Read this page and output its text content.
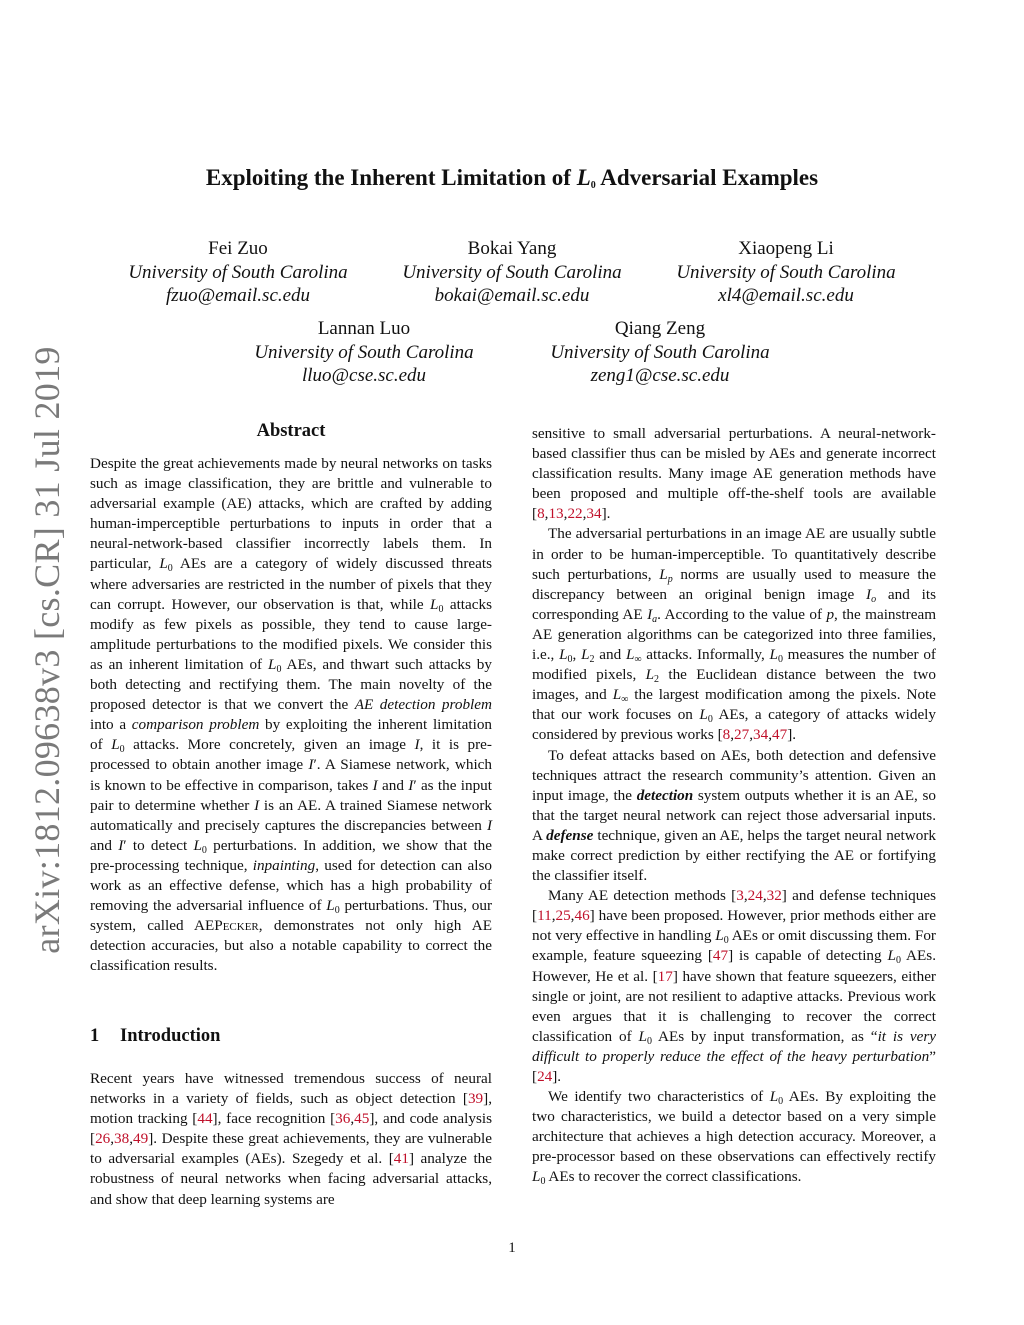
arXiv:1812.09638v3 [cs.CR] 31 Jul 2019
Exploiting the Inherent Limitation of $L_0$ Adversarial Examples
Fei Zuo
University of South Carolina
fzuo@email.sc.edu
Bokai Yang
University of South Carolina
bokai@email.sc.edu
Xiaopeng Li
University of South Carolina
xl4@email.sc.edu
Lannan Luo
University of South Carolina
lluo@cse.sc.edu
Qiang Zeng
University of South Carolina
zeng1@cse.sc.edu
Abstract

Despite the great achievements made by neural networks on tasks such as image classification, they are brittle and vulnerable to adversarial example (AE) attacks, which are crafted by adding human-imperceptible perturbations to inputs in order that a neural-network-based classifier incorrectly labels them. In particular, $L_0$ AEs are a category of widely discussed threats where adversaries are restricted in the number of pixels that they can corrupt. However, our observation is that, while $L_0$ attacks modify as few pixels as possible, they tend to cause large-amplitude perturbations to the modified pixels. We consider this as an inherent limitation of $L_0$ AEs, and thwart such attacks by both detecting and rectifying them. The main novelty of the proposed detector is that we convert the AE detection problem into a comparison problem by exploiting the inherent limitation of $L_0$ attacks. More concretely, given an image I, it is pre-processed to obtain another image I′. A Siamese network, which is known to be effective in comparison, takes I and I′ as the input pair to determine whether I is an AE. A trained Siamese network automatically and precisely captures the discrepancies between I and I′ to detect $L_0$ perturbations. In addition, we show that the pre-processing technique, inpainting, used for detection can also work as an effective defense, which has a high probability of removing the adversarial influence of $L_0$ perturbations. Thus, our system, called AEPecker, demonstrates not only high AE detection accuracies, but also a notable capability to correct the classification results.

1 Introduction

Recent years have witnessed tremendous success of neural networks in a variety of fields, such as object detection [39], motion tracking [44], face recognition [36,45], and code analysis [26,38,49]. Despite these great achievements, they are vulnerable to adversarial examples (AEs). Szegedy et al. [41] analyze the robustness of neural networks when facing adversarial attacks, and show that deep learning systems are

sensitive to small adversarial perturbations. A neural-network-based classifier thus can be misled by AEs and generate incorrect classification results. Many image AE generation methods have been proposed and multiple off-the-shelf tools are available [8,13,22,34].

The adversarial perturbations in an image AE are usually subtle in order to be human-imperceptible. To quantitatively describe such perturbations, $L_p$ norms are usually used to measure the discrepancy between an original benign image $I_o$ and its corresponding AE $I_a$. According to the value of p, the mainstream AE generation algorithms can be categorized into three families, i.e., $L_0$, $L_2$ and $L_\infty$ attacks. Informally, $L_0$ measures the number of modified pixels, $L_2$ the Euclidean distance between the two images, and $L_\infty$ the largest modification among the pixels. Note that our work focuses on $L_0$ AEs, a category of attacks widely considered by previous works [8,27,34,47].

To defeat attacks based on AEs, both detection and defensive techniques attract the research community’s attention. Given an input image, the detection system outputs whether it is an AE, so that the target neural network can reject those adversarial inputs. A defense technique, given an AE, helps the target neural network make correct prediction by either rectifying the AE or fortifying the classifier itself.

Many AE detection methods [3,24,32] and defense techniques [11,25,46] have been proposed. However, prior methods either are not very effective in handling $L_0$ AEs or omit discussing them. For example, feature squeezing [47] is capable of detecting $L_0$ AEs. However, He et al. [17] have shown that feature squeezers, either single or joint, are not resilient to adaptive attacks. Previous work even argues that it is challenging to recover the correct classification of $L_0$ AEs by input transformation, as “it is very difficult to properly reduce the effect of the heavy perturbation” [24].

We identify two characteristics of $L_0$ AEs. By exploiting the two characteristics, we build a detector based on a very simple architecture that achieves a high detection accuracy. Moreover, a pre-processor based on these observations can effectively rectify $L_0$ AEs to recover the correct classifications.

1
